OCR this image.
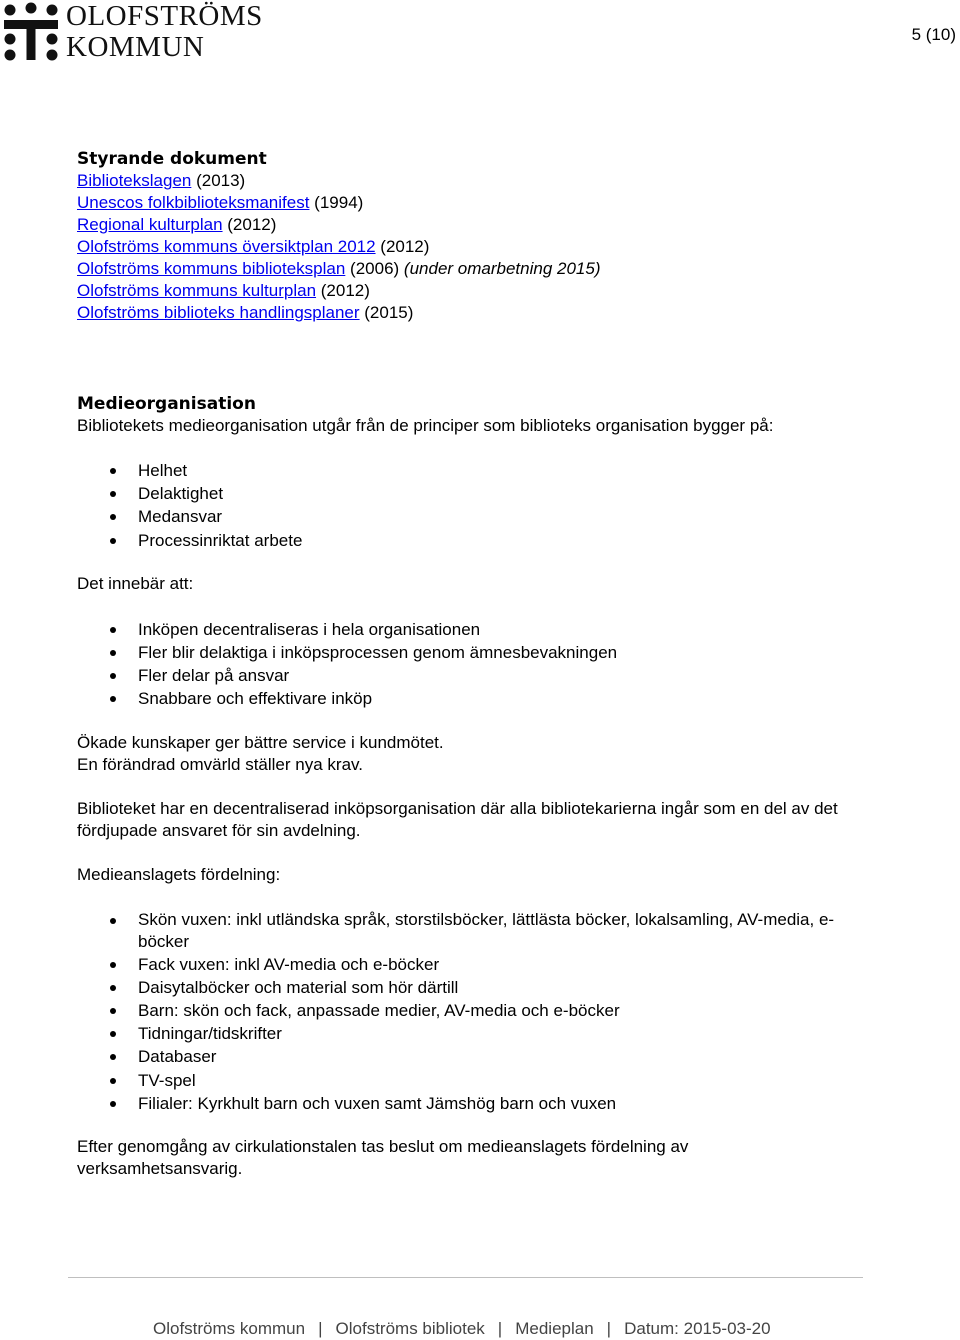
OLOFSTRÖMS
KOMMUN	5 (10)
Styrande dokument
Bibliotekslagen (2013)
Unescos folkbiblioteksmanifest (1994)
Regional kulturplan (2012)
Olofströms kommuns översiktplan 2012 (2012)
Olofströms kommuns biblioteksplan (2006) (under omarbetning 2015)
Olofströms kommuns kulturplan (2012)
Olofströms biblioteks handlingsplaner (2015)
Medieorganisation
Bibliotekets medieorganisation utgår från de principer som biblioteks organisation bygger på:
Helhet
Delaktighet
Medansvar
Processinriktat arbete
Det innebär att:
Inköpen decentraliseras i hela organisationen
Fler blir delaktiga i inköpsprocessen genom ämnesbevakningen
Fler delar på ansvar
Snabbare och effektivare inköp
Ökade kunskaper ger bättre service i kundmötet.
En förändrad omvärld ställer nya krav.
Biblioteket har en decentraliserad inköpsorganisation där alla bibliotekarierna ingår som en del av det fördjupade ansvaret för sin avdelning.
Medieanslagets fördelning:
Skön vuxen: inkl utländska språk, storstilsböcker, lättlästa böcker, lokalsamling, AV-media, e-böcker
Fack vuxen: inkl AV-media och e-böcker
Daisytalböcker och material som hör därtill
Barn: skön och fack, anpassade medier, AV-media och e-böcker
Tidningar/tidskrifter
Databaser
TV-spel
Filialer: Kyrkhult barn och vuxen samt Jämshög barn och vuxen
Efter genomgång av cirkulationstalen tas beslut om medieanslagets fördelning av verksamhetsansvarig.
Olofströms kommun | Olofströms bibliotek | Medieplan | Datum: 2015-03-20
